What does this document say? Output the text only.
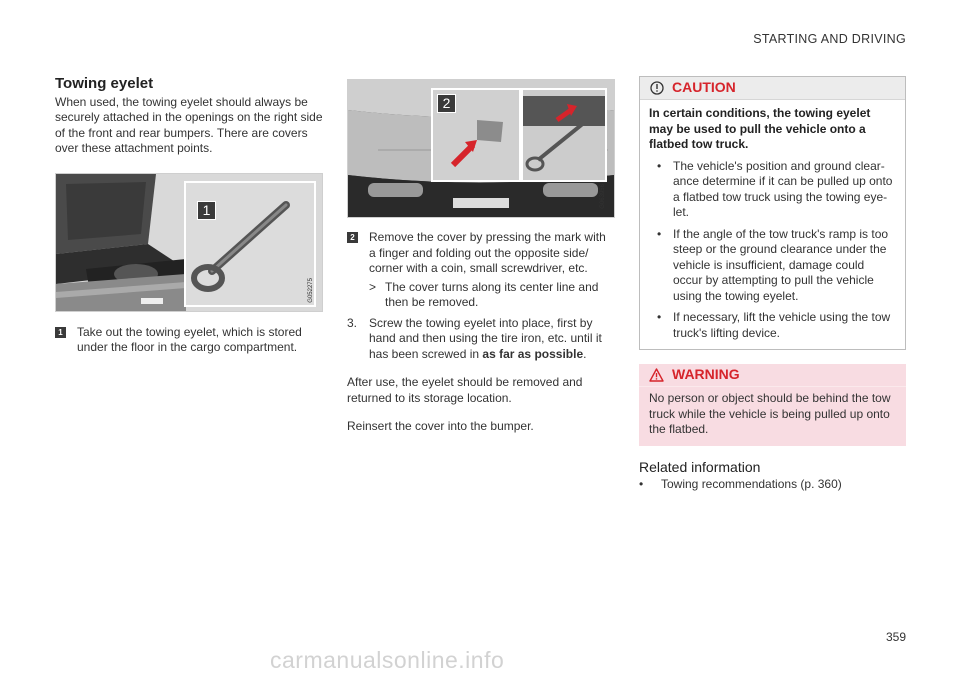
STARTING AND DRIVING
Towing eyelet

When used, the towing eyelet should always be securely attached in the openings on the right side of the front and rear bumpers. There are covers over these attachment points.

1
G052275
1 Take out the towing eyelet, which is stored under the floor in the cargo compartment.
2
G063956
2 Remove the cover by pressing the mark with a finger and folding out the opposite side/ corner with a coin, small screwdriver, etc.
> The cover turns along its center line and then be removed.
3. Screw the towing eyelet into place, first by hand and then using the tire iron, etc. until it has been screwed in as far as possible.

After use, the eyelet should be removed and returned to its storage location.

Reinsert the cover into the bumper.

CAUTION
In certain conditions, the towing eyelet may be used to pull the vehicle onto a flatbed tow truck.
• The vehicle's position and ground clear- ance determine if it can be pulled up onto a flatbed tow truck using the towing eye- let.
• If the angle of the tow truck's ramp is too steep or the ground clearance under the vehicle is insufficient, damage could occur by attempting to pull the vehicle using the towing eyelet.
• If necessary, lift the vehicle using the tow truck's lifting device.
WARNING
No person or object should be behind the tow truck while the vehicle is being pulled up onto the flatbed.
Related information
• Towing recommendations (p. 360)
359
carmanualsonline.info
